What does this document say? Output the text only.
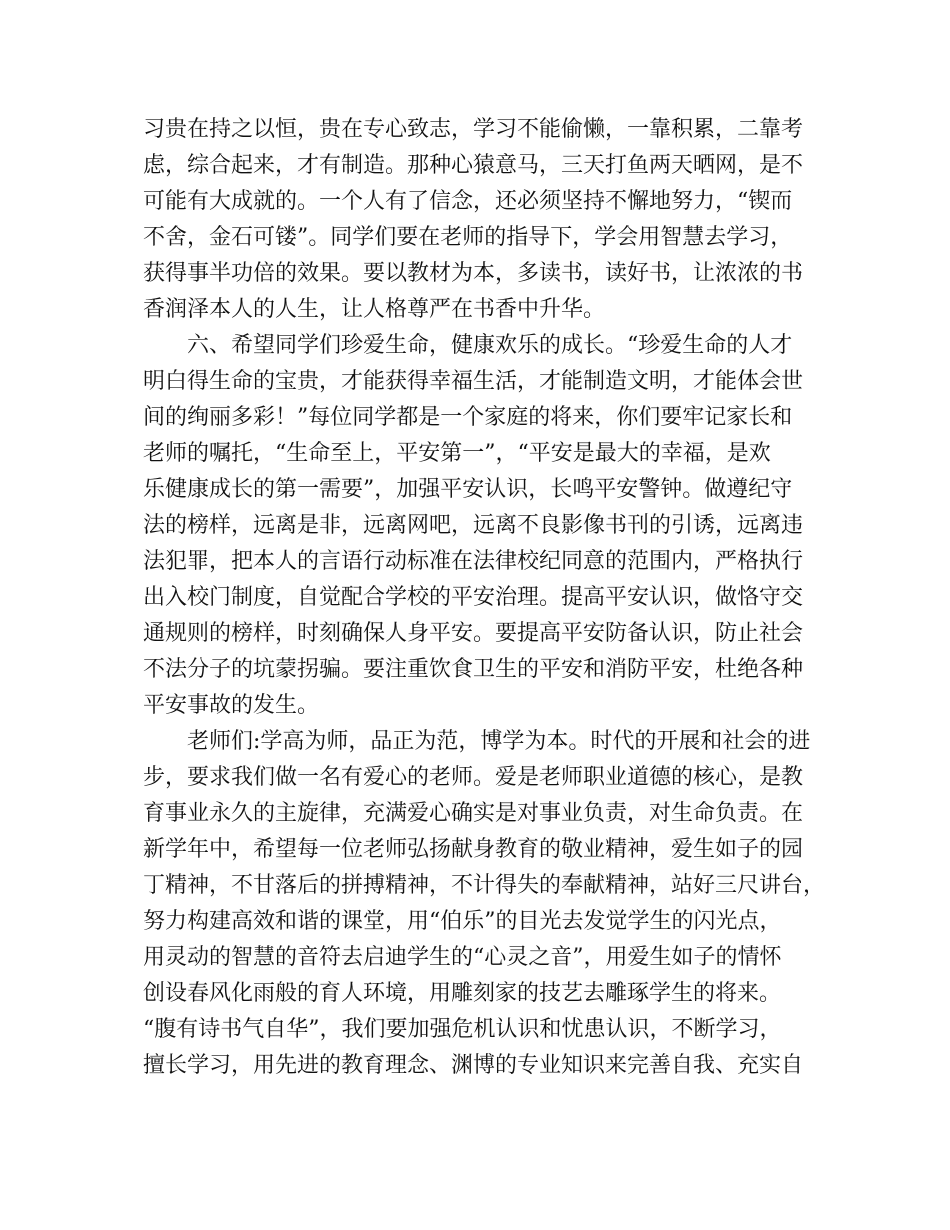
习贵在持之以恒，贵在专心致志，学习不能偷懒，一靠积累，二靠考
虑，综合起来，才有制造。那种心猿意马，三天打鱼两天晒网，是不
可能有大成就的。一个人有了信念，还必须坚持不懈地努力，“锲而
不舍，金石可镂”。同学们要在老师的指导下，学会用智慧去学习，
获得事半功倍的效果。要以教材为本，多读书，读好书，让浓浓的书
香润泽本人的人生，让人格尊严在书香中升华。
　　六、希望同学们珍爱生命，健康欢乐的成长。“珍爱生命的人才
明白得生命的宝贵，才能获得幸福生活，才能制造文明，才能体会世
间的绚丽多彩！”每位同学都是一个家庭的将来，你们要牢记家长和
老师的嘱托，“生命至上，平安第一”，“平安是最大的幸福，是欢
乐健康成长的第一需要”，加强平安认识，长鸣平安警钟。做遵纪守
法的榜样，远离是非，远离网吧，远离不良影像书刊的引诱，远离违
法犯罪，把本人的言语行动标准在法律校纪同意的范围内，严格执行
出入校门制度，自觉配合学校的平安治理。提高平安认识，做恪守交
通规则的榜样，时刻确保人身平安。要提高平安防备认识，防止社会
不法分子的坑蒙拐骗。要注重饮食卫生的平安和消防平安，杜绝各种
平安事故的发生。
　　老师们:学高为师，品正为范，博学为本。时代的开展和社会的进
步，要求我们做一名有爱心的老师。爱是老师职业道德的核心，是教
育事业永久的主旋律，充满爱心确实是对事业负责，对生命负责。在
新学年中，希望每一位老师弘扬献身教育的敬业精神，爱生如子的园
丁精神，不甘落后的拼搏精神，不计得失的奉献精神，站好三尺讲台，
努力构建高效和谐的课堂，用“伯乐”的目光去发觉学生的闪光点，
用灵动的智慧的音符去启迪学生的“心灵之音”，用爱生如子的情怀
创设春风化雨般的育人环境，用雕刻家的技艺去雕琢学生的将来。
“腹有诗书气自华”，我们要加强危机认识和忧患认识，不断学习，
擅长学习，用先进的教育理念、渊博的专业知识来完善自我、充实自
